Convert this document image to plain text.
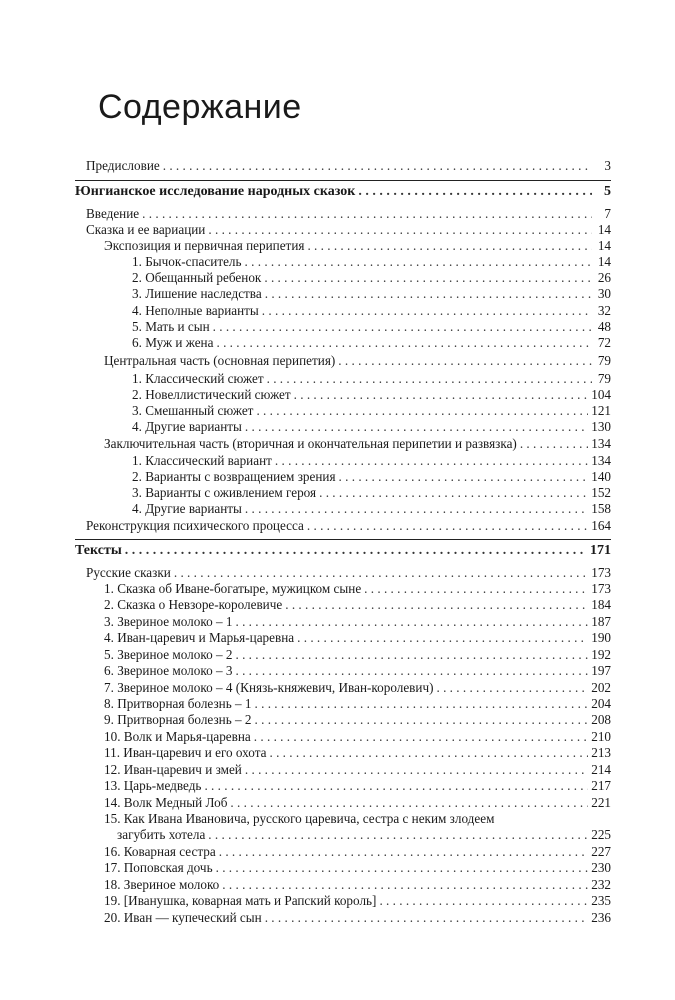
Содержание
Предисловие . . .	3
Юнгианское исследование народных сказок . . .	5
Введение . . .	7
Сказка и ее вариации . . .	14
Экспозиция и первичная перипетия . . .	14
1. Бычок-спаситель . . .	14
2. Обещанный ребенок . . .	26
3. Лишение наследства . . .	30
4. Неполные варианты . . .	32
5. Мать и сын . . .	48
6. Муж и жена . . .	72
Центральная часть (основная перипетия) . . .	79
1. Классический сюжет . . .	79
2. Новеллистический сюжет . . .	104
3. Смешанный сюжет . . .	121
4. Другие варианты . . .	130
Заключительная часть (вторичная и окончательная перипетии и развязка) . . .	134
1. Классический вариант . . .	134
2. Варианты с возвращением зрения . . .	140
3. Варианты с оживлением героя . . .	152
4. Другие варианты . . .	158
Реконструкция психического процесса . . .	164
Тексты . . .	171
Русские сказки . . .	173
1. Сказка об Иване-богатыре, мужицком сыне . . .	173
2. Сказка о Невзоре-королевиче . . .	184
3. Звериное молоко – 1 . . .	187
4. Иван-царевич и Марья-царевна . . .	190
5. Звериное молоко – 2 . . .	192
6. Звериное молоко – 3 . . .	197
7. Звериное молоко – 4 (Князь-княжевич, Иван-королевич) . . .	202
8. Притворная болезнь – 1 . . .	204
9. Притворная болезнь – 2 . . .	208
10. Волк и Марья-царевна . . .	210
11. Иван-царевич и его охота . . .	213
12. Иван-царевич и змей . . .	214
13. Царь-медведь . . .	217
14. Волк Медный Лоб . . .	221
15. Как Ивана Ивановича, русского царевича, сестра с неким злодеем
загубить хотела . . .	225
16. Коварная сестра . . .	227
17. Поповская дочь . . .	230
18. Звериное молоко . . .	232
19. [Иванушка, коварная мать и Рапский король] . . .	235
20. Иван — купеческий сын . . .	236
